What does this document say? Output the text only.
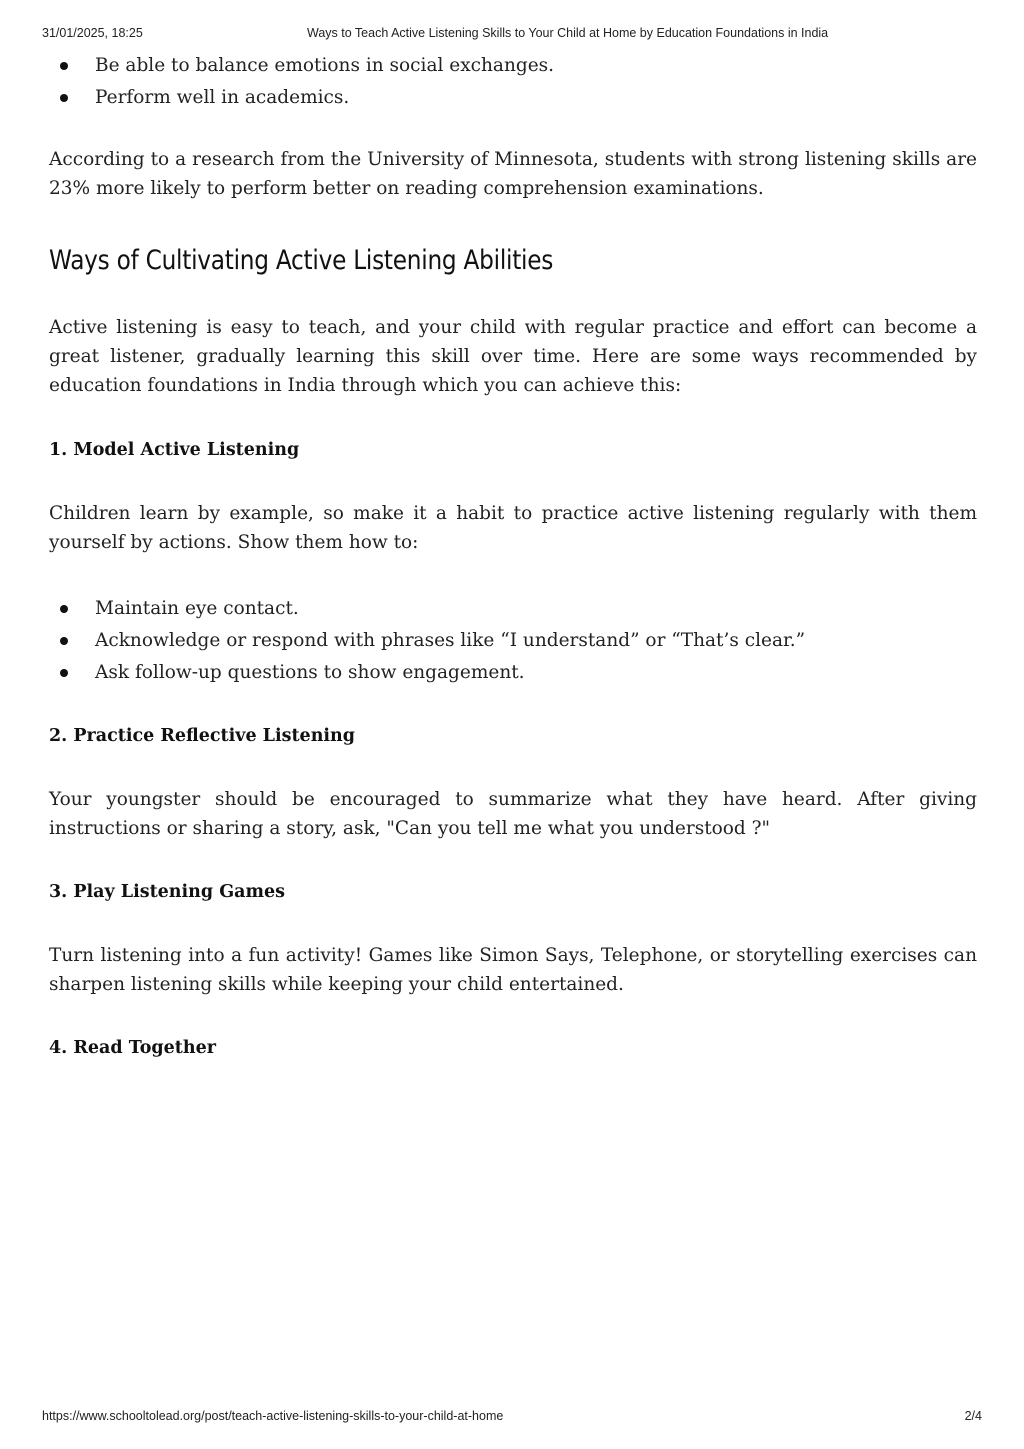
31/01/2025, 18:25	Ways to Teach Active Listening Skills to Your Child at Home by Education Foundations in India
Be able to balance emotions in social exchanges.
Perform well in academics.

According to a research from the University of Minnesota, students with strong listening skills are 23% more likely to perform better on reading comprehension examinations.

Ways of Cultivating Active Listening Abilities

Active listening is easy to teach, and your child with regular practice and effort can become a great listener, gradually learning this skill over time. Here are some ways recommended by education foundations in India through which you can achieve this:

1. Model Active Listening

Children learn by example, so make it a habit to practice active listening regularly with them yourself by actions. Show them how to:

Maintain eye contact.
Acknowledge or respond with phrases like “I understand” or “That’s clear.”
Ask follow-up questions to show engagement.
2. Practice Reflective Listening

Your youngster should be encouraged to summarize what they have heard. After giving instructions or sharing a story, ask, "Can you tell me what you understood ?"

3. Play Listening Games

Turn listening into a fun activity! Games like Simon Says, Telephone, or storytelling exercises can sharpen listening skills while keeping your child entertained.

4. Read Together
https://www.schooltolead.org/post/teach-active-listening-skills-to-your-child-at-home	2/4
